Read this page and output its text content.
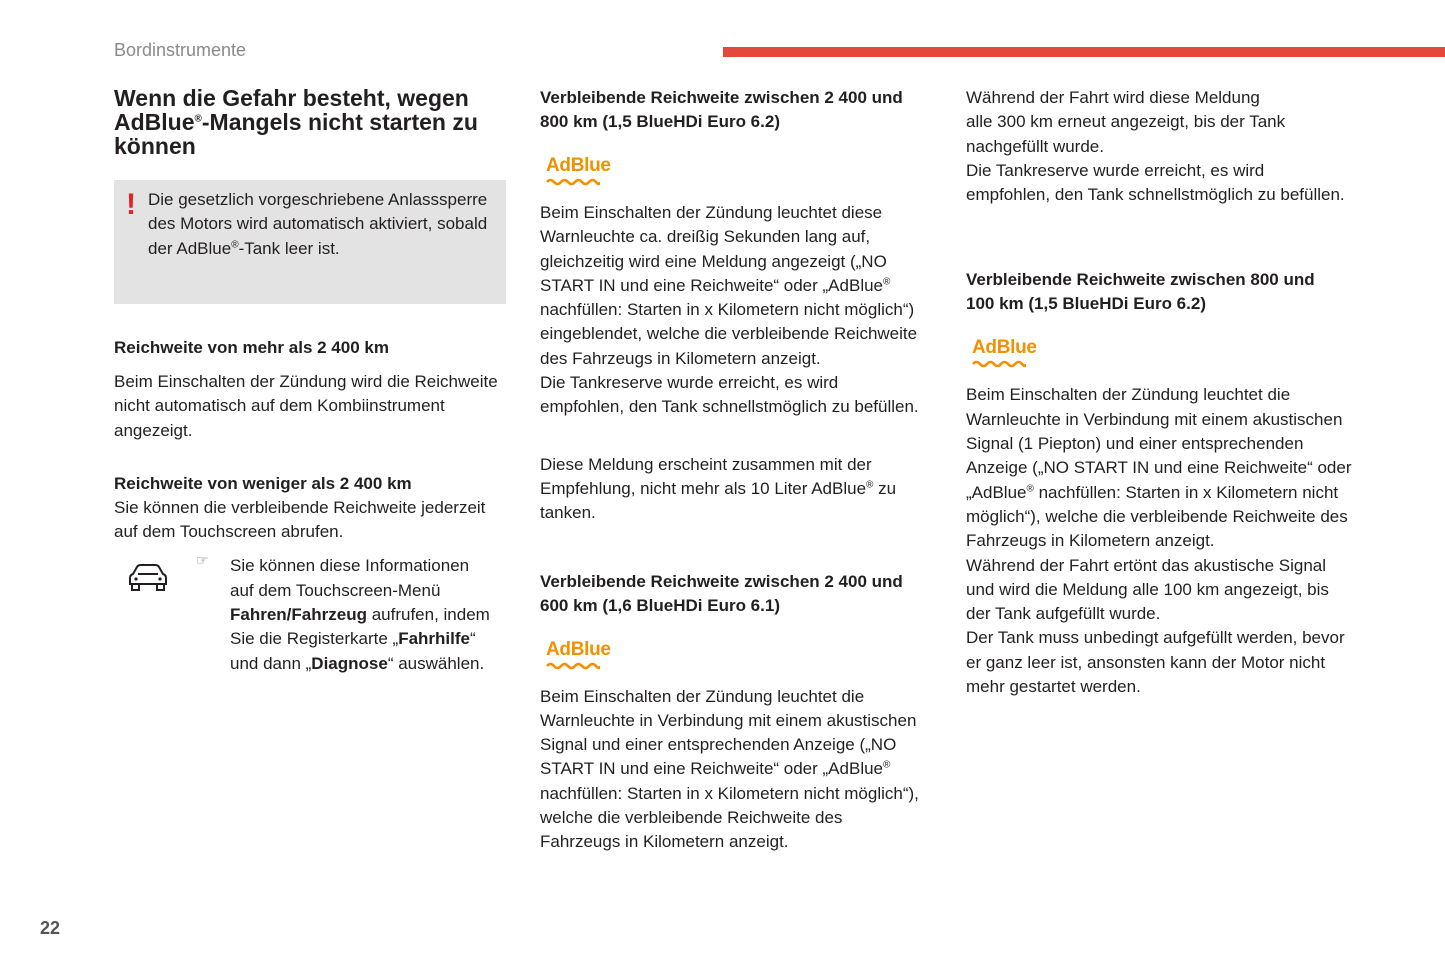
Bordinstrumente
Wenn die Gefahr besteht, wegen
AdBlue®-Mangels nicht starten zu
können
! Die gesetzlich vorgeschriebene Anlasssperre
des Motors wird automatisch aktiviert, sobald
der AdBlue®-Tank leer ist.

Reichweite von mehr als 2 400 km

Beim Einschalten der Zündung wird die Reichweite
nicht automatisch auf dem Kombiinstrument
angezeigt.

Reichweite von weniger als 2 400 km

Sie können die verbleibende Reichweite jederzeit
auf dem Touchscreen abrufen.

☞ Sie können diese Informationen
auf dem Touchscreen-Menü
Fahren/Fahrzeug aufrufen, indem
Sie die Registerkarte „Fahrhilfe“
und dann „Diagnose“ auswählen.

Verbleibende Reichweite zwischen 2 400 und
800 km (1,5 BlueHDi Euro 6.2)

AdBlue

Beim Einschalten der Zündung leuchtet diese
Warnleuchte ca. dreißig Sekunden lang auf,
gleichzeitig wird eine Meldung angezeigt („NO
START IN und eine Reichweite“ oder „AdBlue®
nachfüllen: Starten in x Kilometern nicht möglich“)
eingeblendet, welche die verbleibende Reichweite
des Fahrzeugs in Kilometern anzeigt.
Die Tankreserve wurde erreicht, es wird
empfohlen, den Tank schnellstmöglich zu befüllen.

Diese Meldung erscheint zusammen mit der
Empfehlung, nicht mehr als 10 Liter AdBlue® zu
tanken.

Verbleibende Reichweite zwischen 2 400 und
600 km (1,6 BlueHDi Euro 6.1)

AdBlue

Beim Einschalten der Zündung leuchtet die
Warnleuchte in Verbindung mit einem akustischen
Signal und einer entsprechenden Anzeige („NO
START IN und eine Reichweite“ oder „AdBlue®
nachfüllen: Starten in x Kilometern nicht möglich“),
welche die verbleibende Reichweite des
Fahrzeugs in Kilometern anzeigt.

Während der Fahrt wird diese Meldung
alle 300 km erneut angezeigt, bis der Tank
nachgefüllt wurde.
Die Tankreserve wurde erreicht, es wird
empfohlen, den Tank schnellstmöglich zu befüllen.

Verbleibende Reichweite zwischen 800 und
100 km (1,5 BlueHDi Euro 6.2)

AdBlue

Beim Einschalten der Zündung leuchtet die
Warnleuchte in Verbindung mit einem akustischen
Signal (1 Piepton) und einer entsprechenden
Anzeige („NO START IN und eine Reichweite“ oder
„AdBlue® nachfüllen: Starten in x Kilometern nicht
möglich“), welche die verbleibende Reichweite des
Fahrzeugs in Kilometern anzeigt.
Während der Fahrt ertönt das akustische Signal
und wird die Meldung alle 100 km angezeigt, bis
der Tank aufgefüllt wurde.
Der Tank muss unbedingt aufgefüllt werden, bevor
er ganz leer ist, ansonsten kann der Motor nicht
mehr gestartet werden.

22
